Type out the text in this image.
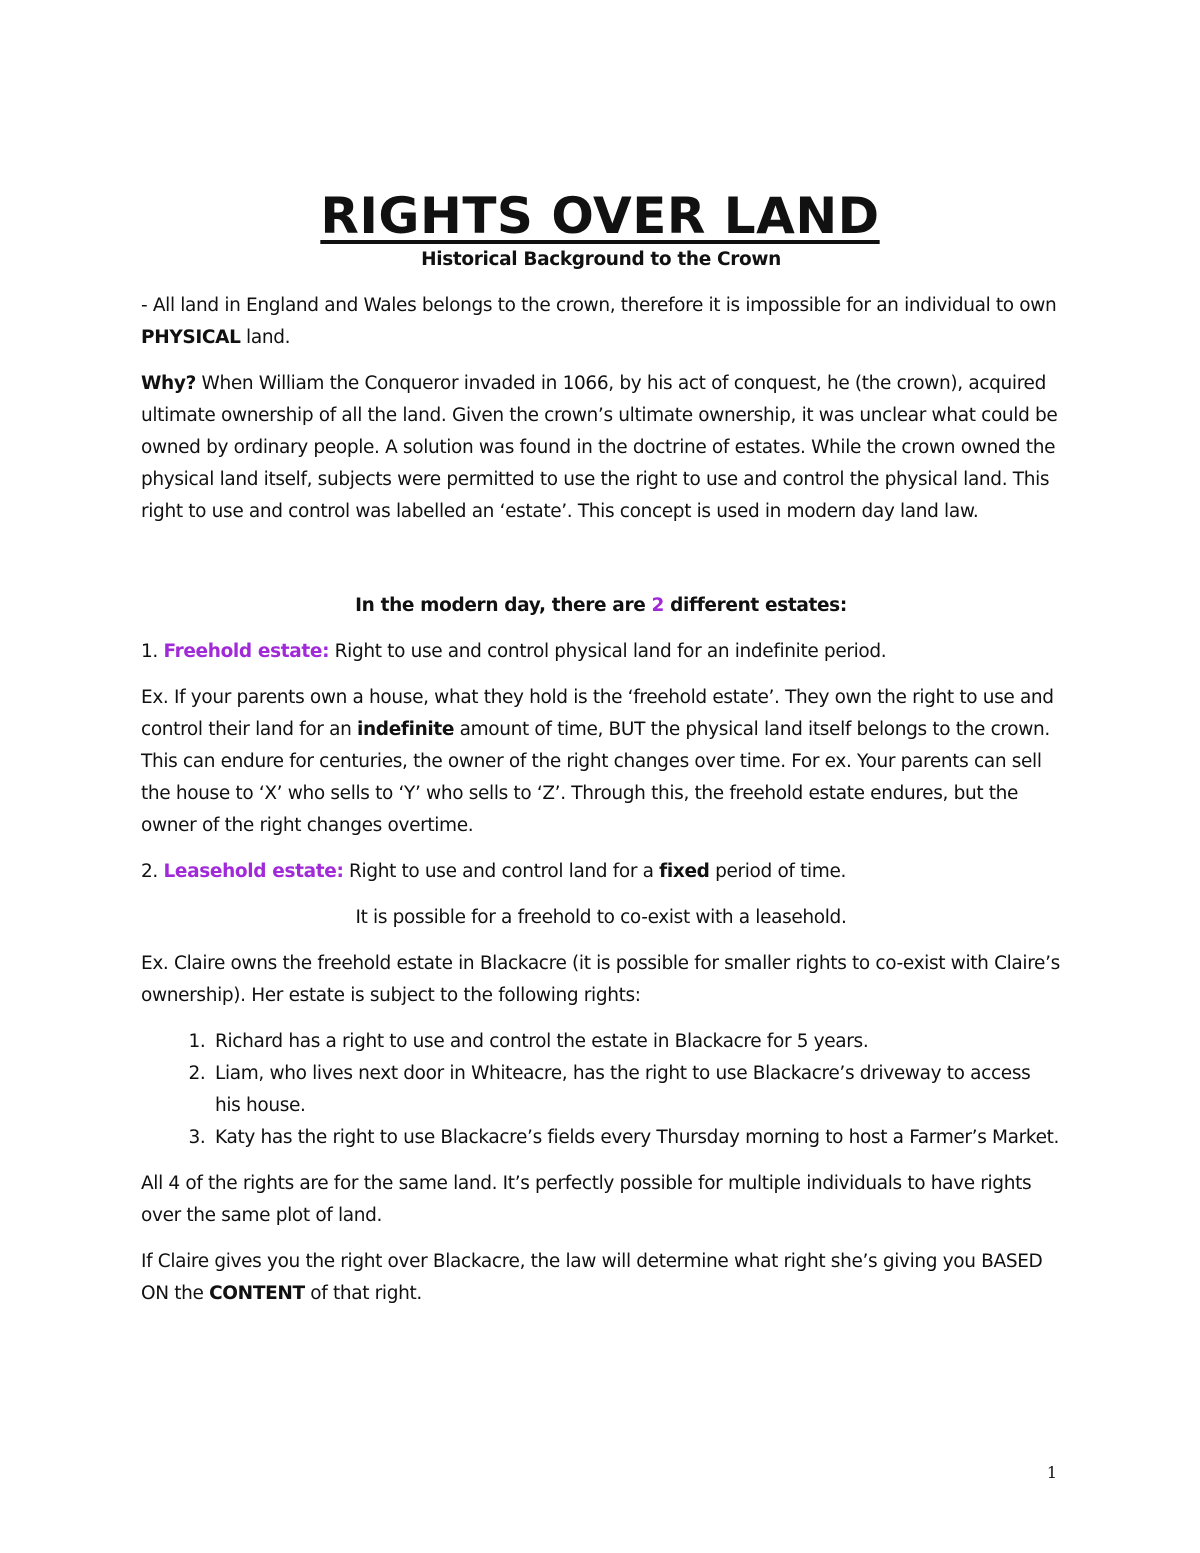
RIGHTS OVER LAND

Historical Background to the Crown

- All land in England and Wales belongs to the crown, therefore it is impossible for an individual to own PHYSICAL land.

Why? When William the Conqueror invaded in 1066, by his act of conquest, he (the crown), acquired ultimate ownership of all the land. Given the crown’s ultimate ownership, it was unclear what could be owned by ordinary people. A solution was found in the doctrine of estates. While the crown owned the physical land itself, subjects were permitted to use the right to use and control the physical land. This right to use and control was labelled an ‘estate’. This concept is used in modern day land law.

In the modern day, there are 2 different estates:

1. Freehold estate: Right to use and control physical land for an indefinite period.

Ex. If your parents own a house, what they hold is the ‘freehold estate’. They own the right to use and control their land for an indefinite amount of time, BUT the physical land itself belongs to the crown. This can endure for centuries, the owner of the right changes over time. For ex. Your parents can sell the house to ‘X’ who sells to ‘Y’ who sells to ‘Z’. Through this, the freehold estate endures, but the owner of the right changes overtime.

2. Leasehold estate: Right to use and control land for a fixed period of time.

It is possible for a freehold to co-exist with a leasehold.

Ex. Claire owns the freehold estate in Blackacre (it is possible for smaller rights to co-exist with Claire’s ownership). Her estate is subject to the following rights:

1. Richard has a right to use and control the estate in Blackacre for 5 years.
2. Liam, who lives next door in Whiteacre, has the right to use Blackacre’s driveway to access his house.
3. Katy has the right to use Blackacre’s fields every Thursday morning to host a Farmer’s Market.

All 4 of the rights are for the same land. It’s perfectly possible for multiple individuals to have rights over the same plot of land.

If Claire gives you the right over Blackacre, the law will determine what right she’s giving you BASED ON the CONTENT of that right.

1
